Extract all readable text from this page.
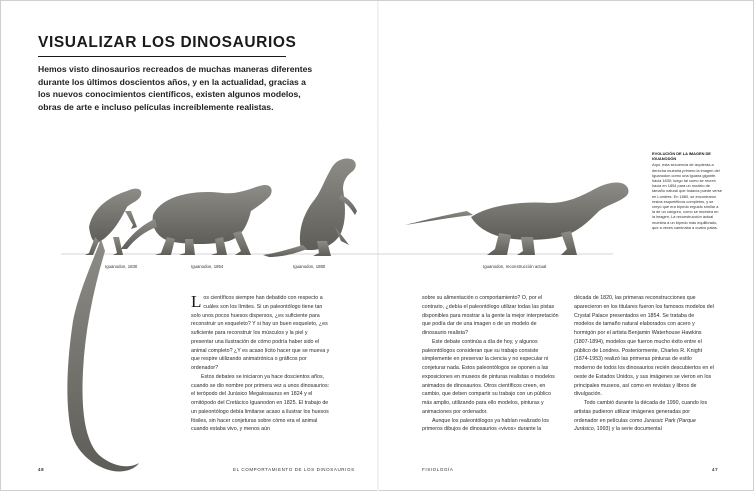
VISUALIZAR LOS DINOSAURIOS
Hemos visto dinosaurios recreados de muchas maneras diferentes durante los últimos doscientos años, y en la actualidad, gracias a los nuevos conocimientos científicos, existen algunos modelos, obras de arte e incluso películas increíblemente realistas.
Iguanodon, 1830	Iguanodon, 1854	Iguanodon, 1880	Iguanodon, reconstrucción actual
EVOLUCIÓN DE LA IMAGEN DE IGUANODÓN
Aquí, esta secuencia de izquierda a derecha muestra primero la imagen del Iguanodon como una iguana gigante, hacia 1830; luego tal como se recreó hacia en 1854 para un modelo de tamaño natural que todavía puede verse en Londres. En 1880, se encontraron restos esqueléticos completos, y se creyó que era bípedo erguido similar a la de un canguro, como se muestra en la imagen. La reconstrucción actual muestra a un bípedo más equilibrado, que a veces caminaba a cuatro patas.

Los científicos siempre han debatido con respecto a cuáles son los límites. Si un paleontólogo tiene tan solo unos pocos huesos dispersos, ¿es suficiente para reconstruir un esqueleto? Y si hay un buen esqueleto, ¿es suficiente para reconstruir los músculos y la piel y presentar una ilustración de cómo podría haber sido el animal completo? ¿Y es acaso lícito hacer que se mueva y que respire utilizando animatrónica o gráficos por ordenador?

Estos debates se iniciaron ya hace doscientos años, cuando se dio nombre por primera vez a unos dinosaurios: el terópodo del Jurásico Megalosaurus en 1824 y el ornitópodo del Cretácico Iguanodon en 1825. El trabajo de un paleontólogo debía limitarse acaso a ilustrar los huesos fósiles, sin hacer conjeturas sobre cómo era el animal cuando estaba vivo, y menos aún

sobre su alimentación o comportamiento? O, por el contrario, ¿debía el paleontólogo utilizar todas las pistas disponibles para mostrar a la gente la mejor interpretación que podía dar de una imagen o de un modelo de dinosaurio realista?

Este debate continúa a día de hoy, y algunos paleontólogos consideran que su trabajo consiste simplemente en preservar la ciencia y no especular ni conjeturar nada. Estos paleontólogos se oponen a las exposiciones en museos de pinturas realistas o modelos animados de dinosaurios. Otros científicos creen, en cambio, que deben compartir su trabajo con un público más amplio, utilizando para ello modelos, pinturas y animaciones por ordenador.

Aunque los paleontólogos ya habían realizado los primeros dibujos de dinosaurios «vivos» durante la

década de 1820, las primeras reconstrucciones que aparecieron en los titulares fueron los famosos modelos del Crystal Palace presentados en 1854. Se trataba de modelos de tamaño natural elaborados con acero y hormigón por el artista Benjamin Waterhouse Hawkins (1807-1894), modelos que fueron mucho éxito entre el público de Londres. Posteriormente, Charles R. Knight (1874-1953) realizó las primeras pinturas de estilo moderno de todos los dinosaurios recién descubiertos en el oeste de Estados Unidos, y sus imágenes se vieron en los principales museos, así como en revistas y libros de divulgación.

Todo cambió durante la década de 1990, cuando los artistas pudieron utilizar imágenes generadas por ordenador en películas como Jurassic Park (Parque Jurásico, 1993) y la serie documental

48	EL COMPORTAMIENTO DE LOS DINOSAURIOS	FISIOLOGÍA	47
